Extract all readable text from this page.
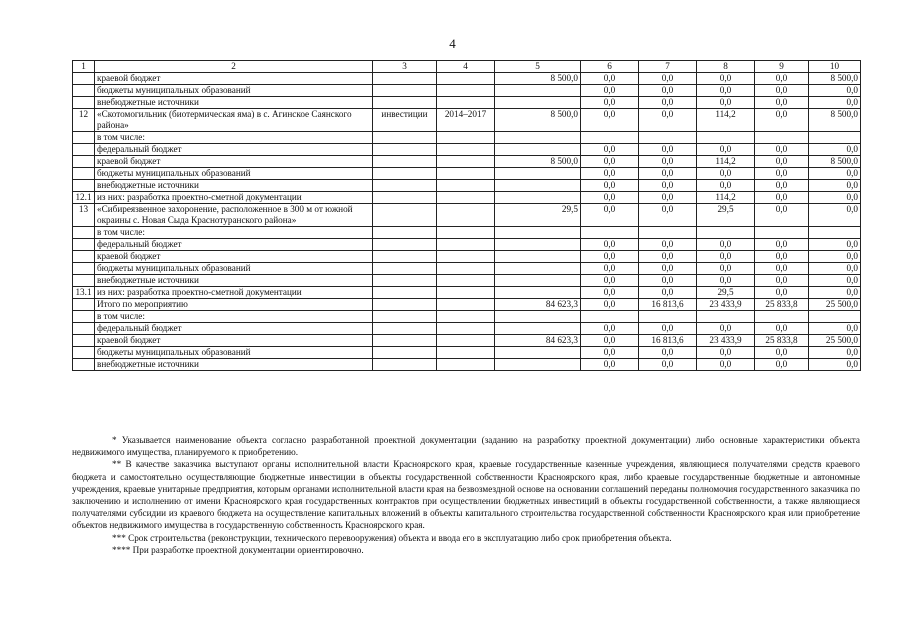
4
1	2	3	4	5	6	7	8	9	10
	краевой бюджет			8 500,0	0,0	0,0	0,0	0,0	8 500,0
	бюджеты муниципальных образований				0,0	0,0	0,0	0,0	0,0
	внебюджетные источники				0,0	0,0	0,0	0,0	0,0
12	«Скотомогильник (биотермическая яма) в с. Агинское Саянского района»	инвестиции	2014–2017	8 500,0	0,0	0,0	114,2	0,0	8 500,0
	в том числе:								
	федеральный бюджет				0,0	0,0	0,0	0,0	0,0
	краевой бюджет			8 500,0	0,0	0,0	114,2	0,0	8 500,0
	бюджеты муниципальных образований				0,0	0,0	0,0	0,0	0,0
	внебюджетные источники				0,0	0,0	0,0	0,0	0,0
12.1	из них: разработка проектно-сметной документации				0,0	0,0	114,2	0,0	0,0
13	«Сибиреязвенное захоронение, расположенное в 300 м от южной окраины с. Новая Сыда Краснотуранского района»			29,5	0,0	0,0	29,5	0,0	0,0
	в том числе:								
	федеральный бюджет				0,0	0,0	0,0	0,0	0,0
	краевой бюджет				0,0	0,0	0,0	0,0	0,0
	бюджеты муниципальных образований				0,0	0,0	0,0	0,0	0,0
	внебюджетные источники				0,0	0,0	0,0	0,0	0,0
13.1	из них: разработка проектно-сметной документации				0,0	0,0	29,5	0,0	0,0
	Итого по мероприятию			84 623,3	0,0	16 813,6	23 433,9	25 833,8	25 500,0
	в том числе:								
	федеральный бюджет				0,0	0,0	0,0	0,0	0,0
	краевой бюджет			84 623,3	0,0	16 813,6	23 433,9	25 833,8	25 500,0
	бюджеты муниципальных образований				0,0	0,0	0,0	0,0	0,0
	внебюджетные источники				0,0	0,0	0,0	0,0	0,0

* Указывается наименование объекта согласно разработанной проектной документации (заданию на разработку проектной документации) либо основные характеристики объекта недвижимого имущества, планируемого к приобретению.

** В качестве заказчика выступают органы исполнительной власти Красноярского края, краевые государственные казенные учреждения, являющиеся получателями средств краевого бюджета и самостоятельно осуществляющие бюджетные инвестиции в объекты государственной собственности Красноярского края, либо краевые государственные бюджетные и автономные учреждения, краевые унитарные предприятия, которым органами исполнительной власти края на безвозмездной основе на основании соглашений переданы полномочия государственного заказчика по заключению и исполнению от имени Красноярского края государственных контрактов при осуществлении бюджетных инвестиций в объекты государственной собственности, а также являющиеся получателями субсидии из краевого бюджета на осуществление капитальных вложений в объекты капитального строительства государственной собственности Красноярского края или приобретение объектов недвижимого имущества в государственную собственность Красноярского края.

*** Срок строительства (реконструкции, технического перевооружения) объекта и ввода его в эксплуатацию либо срок приобретения объекта.

**** При разработке проектной документации ориентировочно.
